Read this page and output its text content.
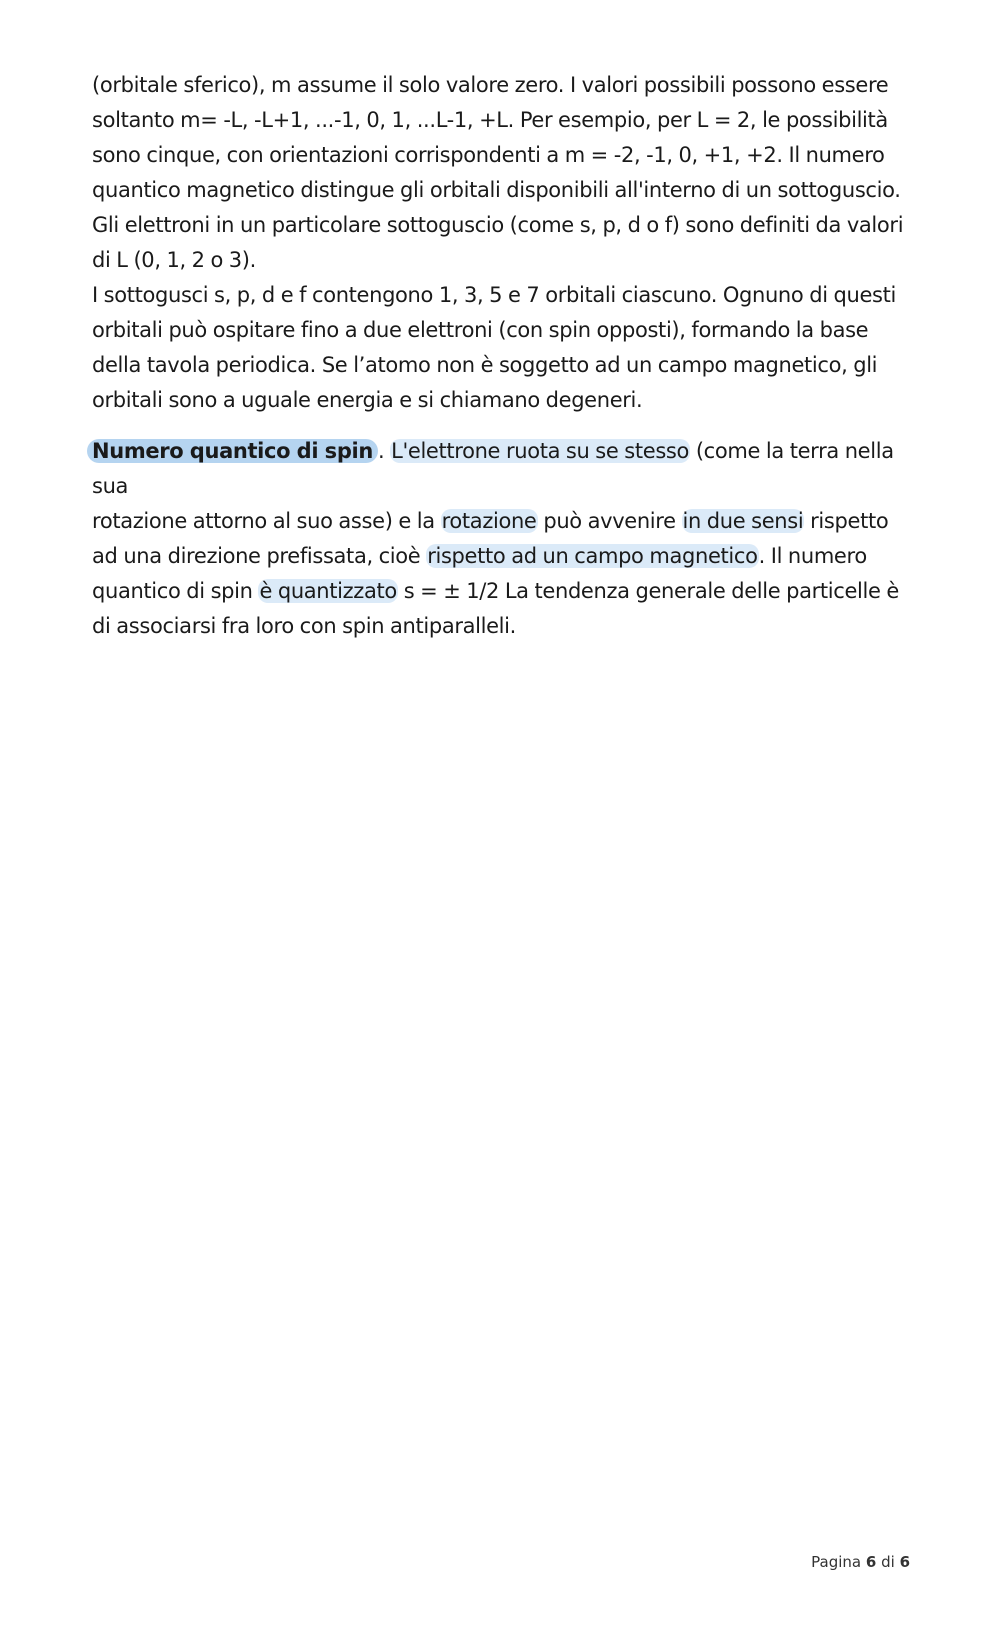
(orbitale sferico), m assume il solo valore zero. I valori possibili possono essere
soltanto m= -L, -L+1, ...-1, 0, 1, ...L-1, +L. Per esempio, per L = 2, le possibilità
sono cinque, con orientazioni corrispondenti a m = -2, -1, 0, +1, +2. Il numero
quantico magnetico distingue gli orbitali disponibili all'interno di un sottoguscio.
Gli elettroni in un particolare sottoguscio (come s, p, d o f) sono definiti da valori
di L (0, 1, 2 o 3).
I sottogusci s, p, d e f contengono 1, 3, 5 e 7 orbitali ciascuno. Ognuno di questi
orbitali può ospitare fino a due elettroni (con spin opposti), formando la base
della tavola periodica. Se l’atomo non è soggetto ad un campo magnetico, gli
orbitali sono a uguale energia e si chiamano degeneri.

Numero quantico di spin . L'elettrone ruota su se stesso (come la terra nella sua
rotazione attorno al suo asse) e la rotazione può avvenire in due sensi rispetto
ad una direzione prefissata, cioè rispetto ad un campo magnetico. Il numero
quantico di spin è quantizzato s = ± 1/2 La tendenza generale delle particelle è
di associarsi fra loro con spin antiparalleli.

Pagina 6 di 6
